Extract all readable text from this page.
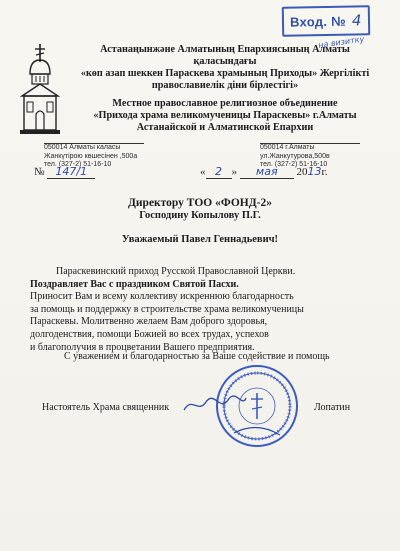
Вход. № 4
на визитку
Астанаңынжәне Алматының Епархиясының Алматы
қаласындағы
«көп азап шеккен Параскева храмының Приходы» Жергілікті
православиелік діни бірлестігі»
Местное православное религиозное объединение
«Прихода храма великомученицы Параскевы» г.Алматы
Астанайской и Алматинской Епархии
050014 Алматы каласы
Жанкүтірою көшесінен ,500а
тел. (327-2) 51-16-10
050014 г.Алматы
ул.Жанкутурова,500в
тел. (327-2) 51-16-10
№ 147/1	« 2 » мая 2013г.
Директору ТОО «ФОНД-2»
Господину Копылову П.Г.
Уважаемый Павел Геннадьевич!
Параскевинский приход Русской Православной Церкви.
Поздравляет Вас с праздником Святой Пасхи.
Приносит Вам и всему коллективу искреннюю благодарность
за помощь и поддержку в строительстве храма великомученицы
Параскевы. Молитвенно желаем Вам доброго здоровья,
долгоденствия, помощи Божией во всех трудах, успехов
и благополучия в процветании Вашего предприятия.
С уважением и благодарностью за Ваше содействие и помощь
Настоятель Храма священник	Лопатин
